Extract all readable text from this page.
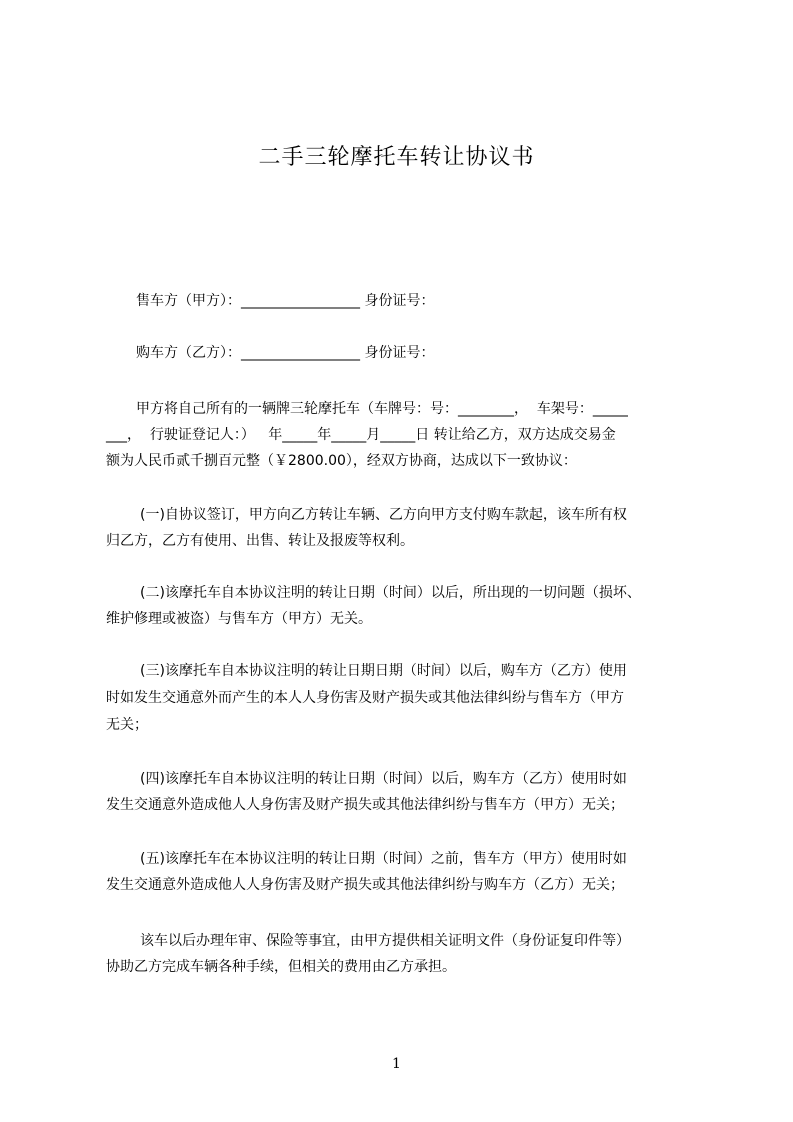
二手三轮摩托车转让协议书
售车方（甲方）：_________________ 身份证号：
购车方（乙方）：_________________ 身份证号：
甲方将自己所有的一辆牌三轮摩托车（车牌号：号：________，  车架号：_____
___，  行驶证登记人：）   年_____年_____月_____日 转让给乙方，双方达成交易金
额为人民币贰千捌百元整（￥2800.00），经双方协商，达成以下一致协议：
(一)自协议签订，甲方向乙方转让车辆、乙方向甲方支付购车款起，该车所有权
归乙方，乙方有使用、出售、转让及报废等权利。
(二)该摩托车自本协议注明的转让日期（时间）以后，所出现的一切问题（损坏、
维护修理或被盗）与售车方（甲方）无关。
(三)该摩托车自本协议注明的转让日期日期（时间）以后，购车方（乙方）使用
时如发生交通意外而产生的本人人身伤害及财产损失或其他法律纠纷与售车方（甲方
无关；
(四)该摩托车自本协议注明的转让日期（时间）以后，购车方（乙方）使用时如
发生交通意外造成他人人身伤害及财产损失或其他法律纠纷与售车方（甲方）无关；
(五)该摩托车在本协议注明的转让日期（时间）之前，售车方（甲方）使用时如
发生交通意外造成他人人身伤害及财产损失或其他法律纠纷与购车方（乙方）无关；
该车以后办理年审、保险等事宜，由甲方提供相关证明文件（身份证复印件等）
协助乙方完成车辆各种手续，但相关的费用由乙方承担。
1
